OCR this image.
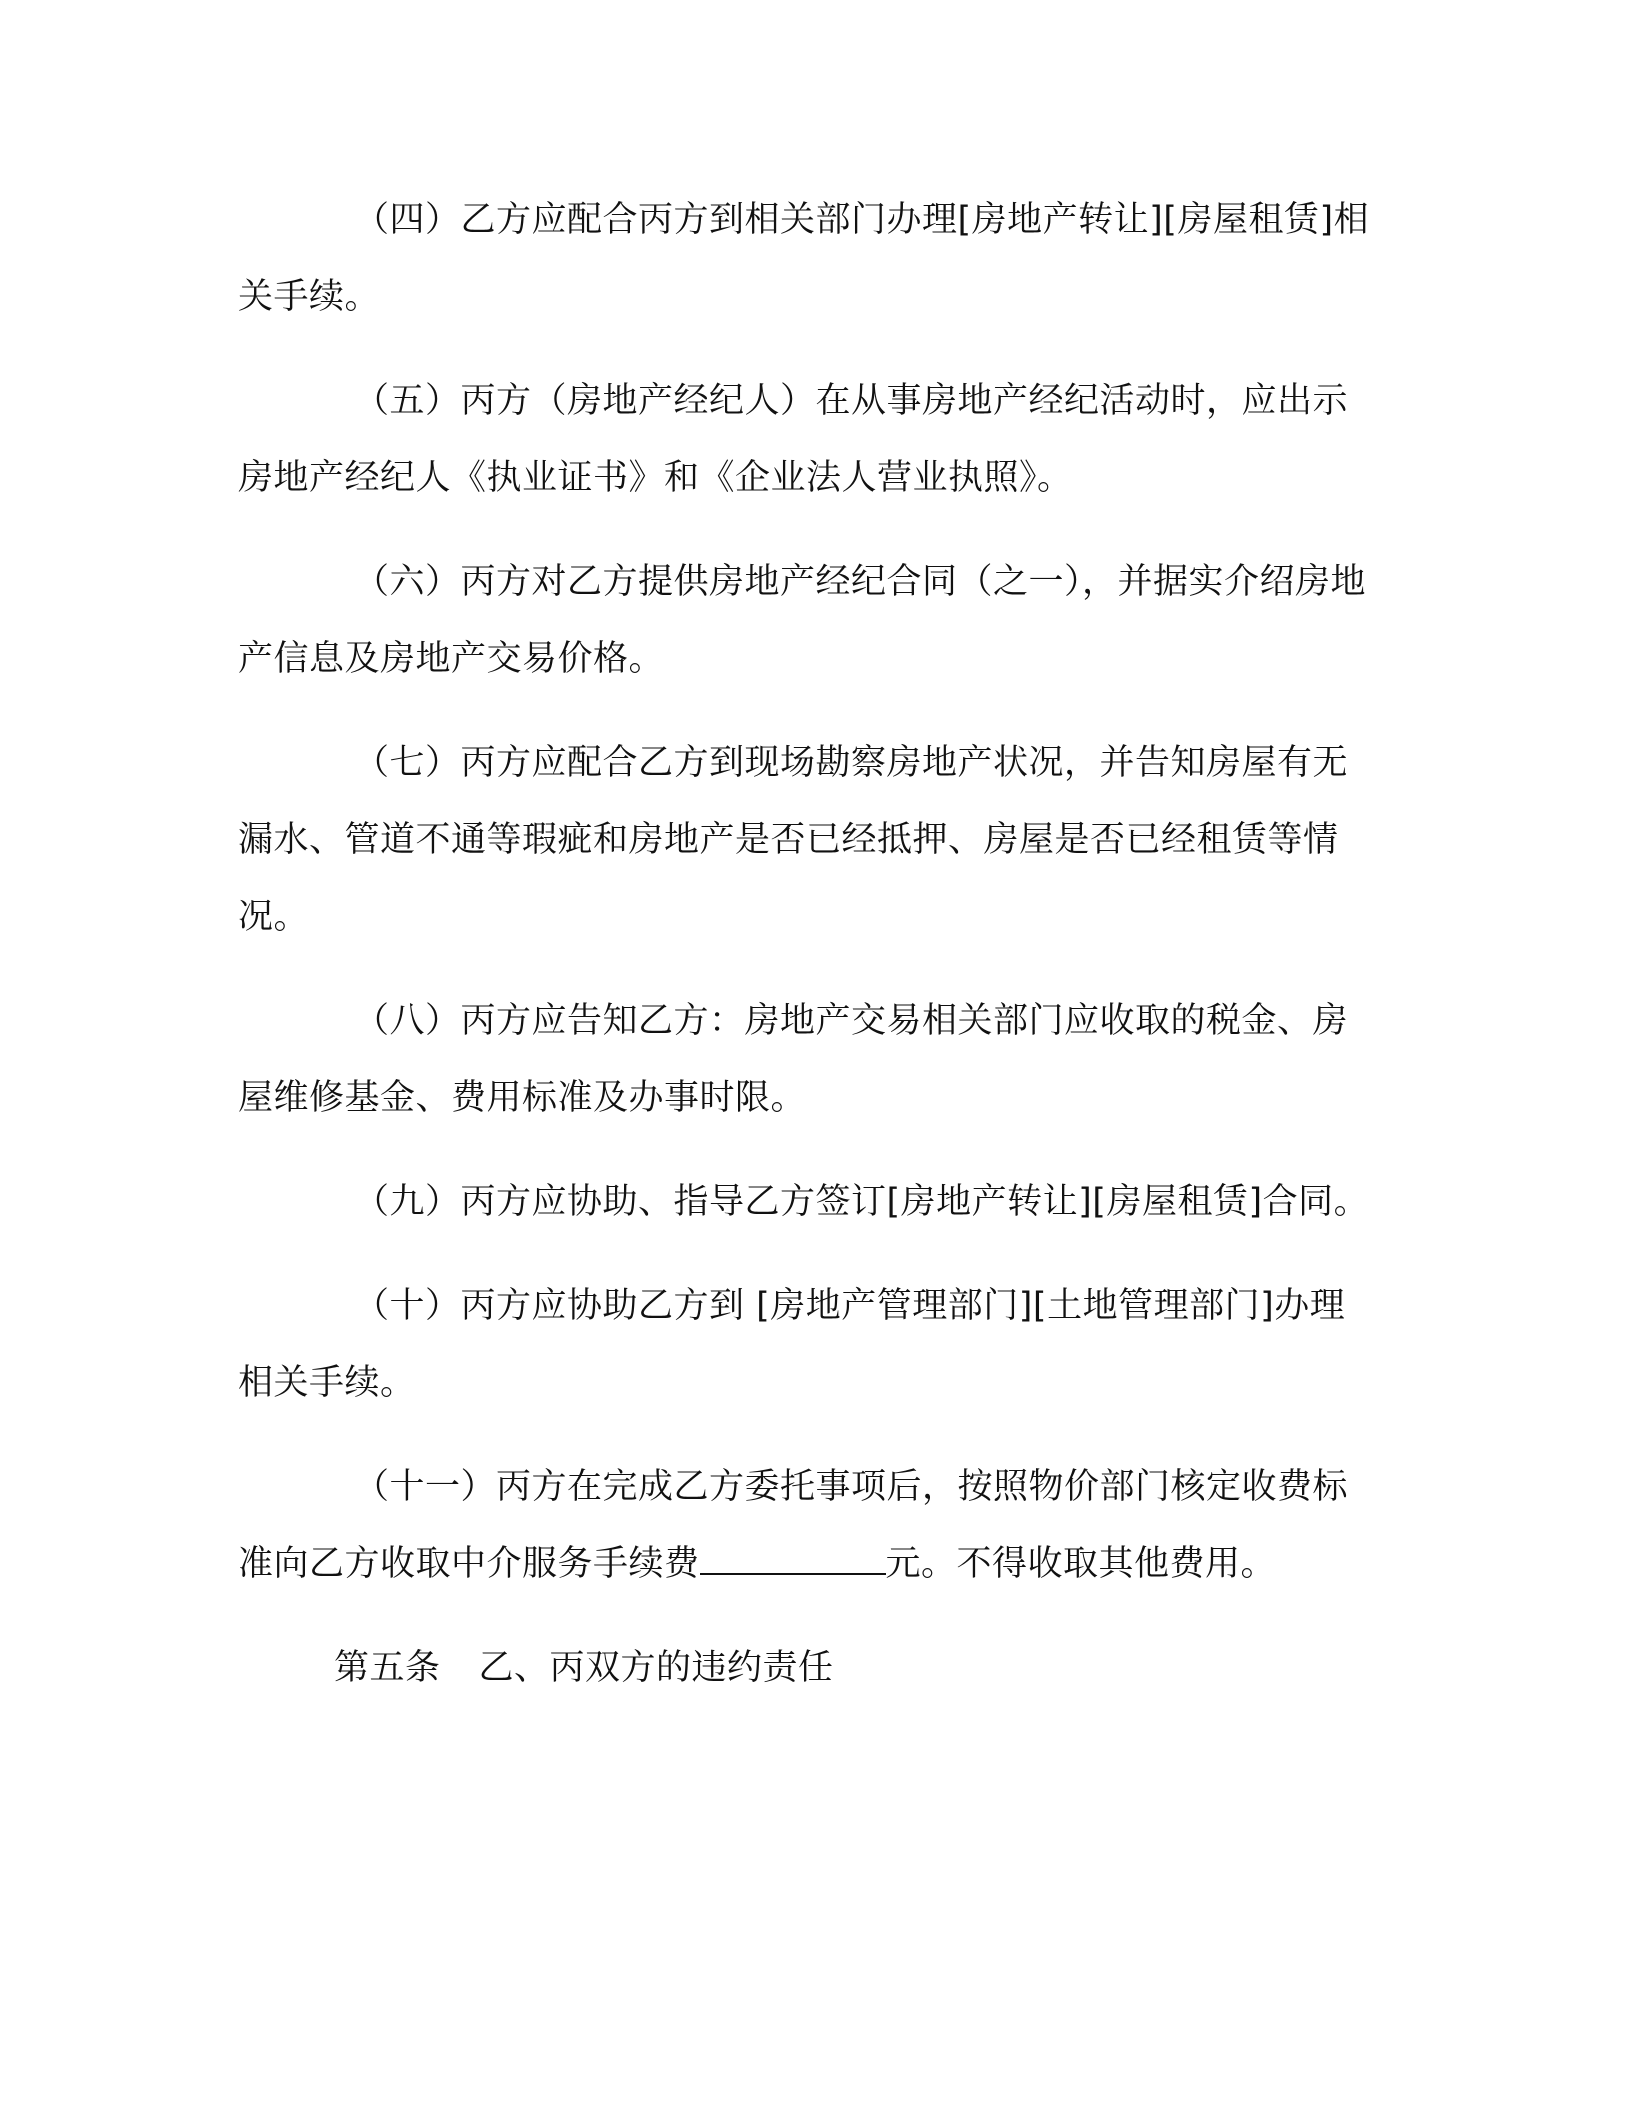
（四）乙方应配合丙方到相关部门办理[房地产转让][房屋租赁]相关手续。

（五）丙方（房地产经纪人）在从事房地产经纪活动时，应出示房地产经纪人《执业证书》和《企业法人营业执照》。

（六）丙方对乙方提供房地产经纪合同（之一），并据实介绍房地产信息及房地产交易价格。

（七）丙方应配合乙方到现场勘察房地产状况，并告知房屋有无漏水、管道不通等瑕疵和房地产是否已经抵押、房屋是否已经租赁等情况。

（八）丙方应告知乙方：房地产交易相关部门应收取的税金、房屋维修基金、费用标准及办事时限。

（九）丙方应协助、指导乙方签订[房地产转让][房屋租赁]合同。

（十）丙方应协助乙方到 [房地产管理部门][土地管理部门]办理相关手续。

（十一）丙方在完成乙方委托事项后，按照物价部门核定收费标准向乙方收取中介服务手续费	元。不得收取其他费用。

第五条 乙、丙双方的违约责任
